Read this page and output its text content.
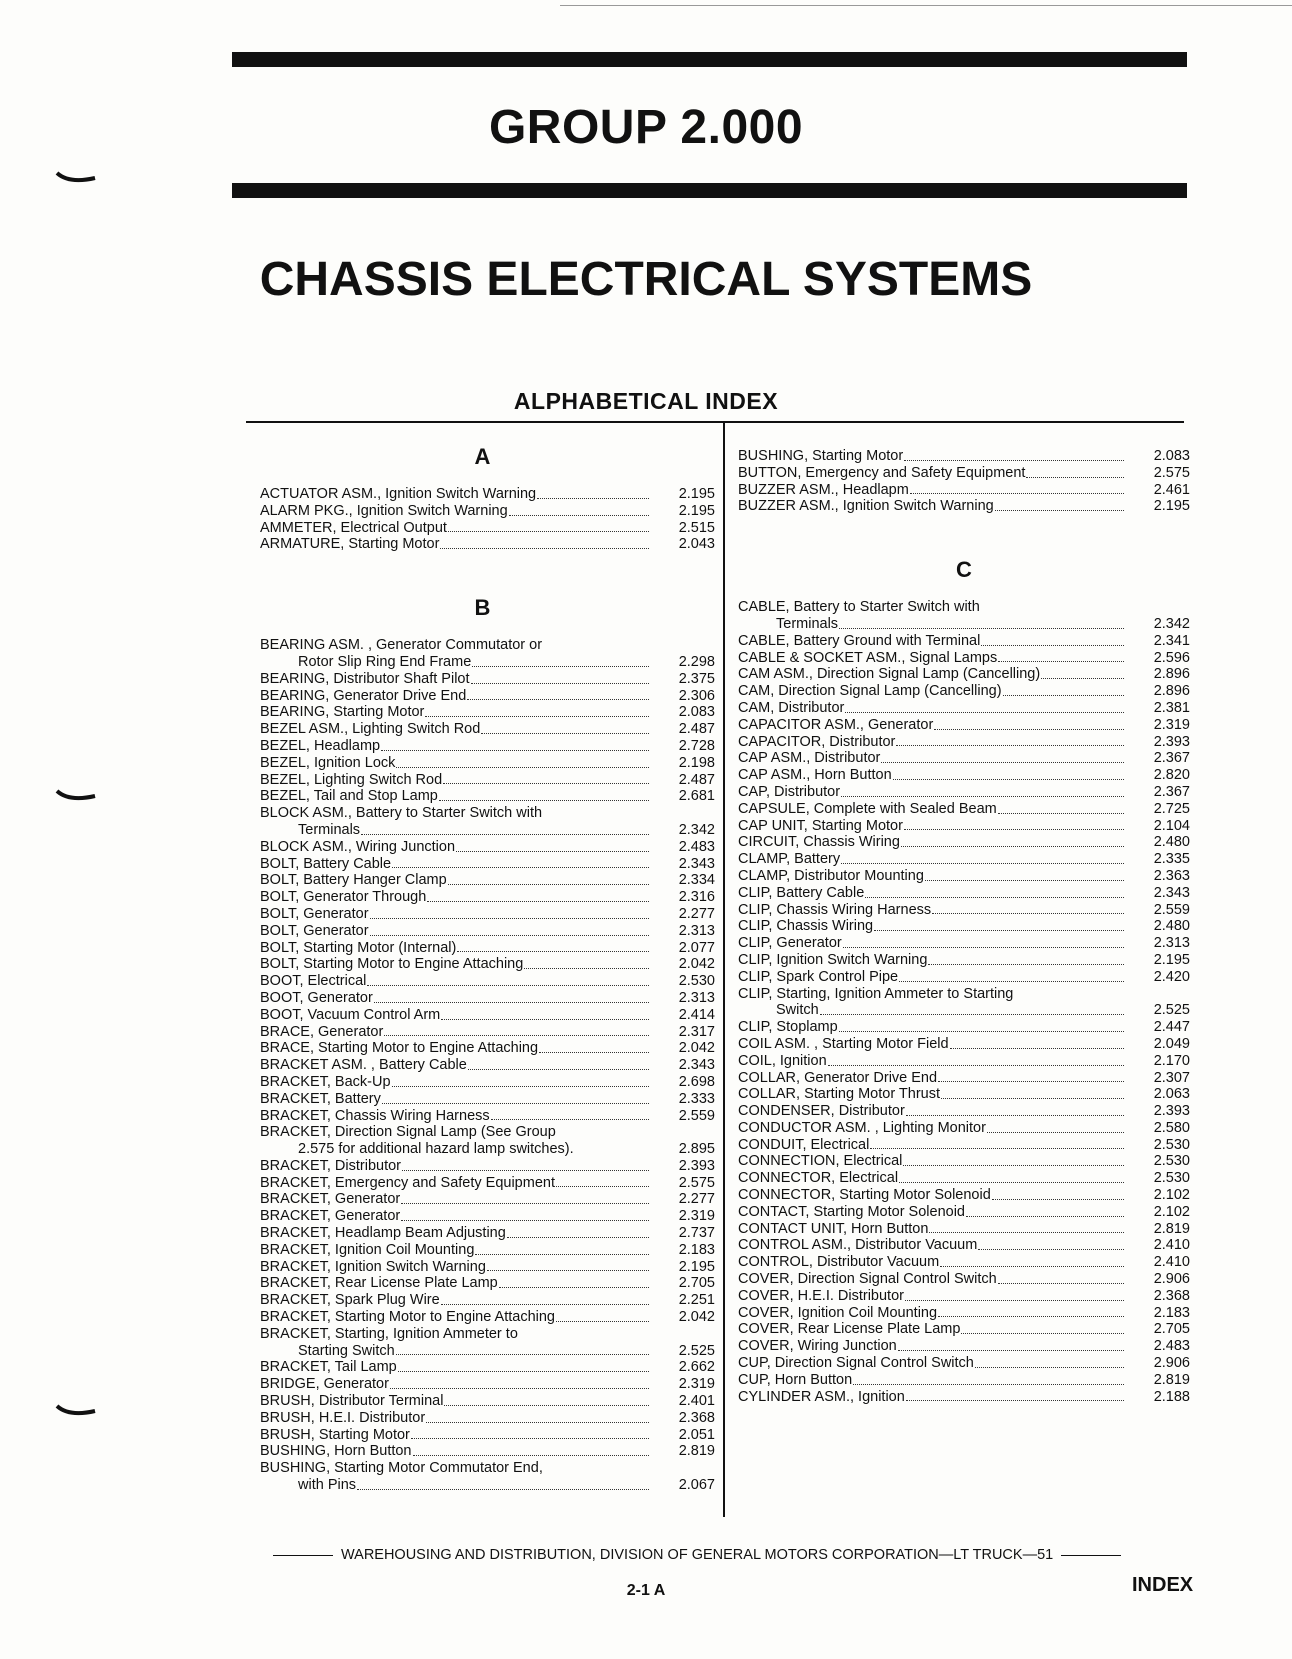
GROUP 2.000
CHASSIS ELECTRICAL SYSTEMS
ALPHABETICAL INDEX
A
ACTUATOR ASM., Ignition Switch Warning	2.195
ALARM PKG., Ignition Switch Warning	2.195
AMMETER, Electrical Output	2.515
ARMATURE, Starting Motor	2.043
B
BEARING ASM. , Generator Commutator or
Rotor Slip Ring End Frame	2.298
BEARING, Distributor Shaft Pilot	2.375
BEARING, Generator Drive End	2.306
BEARING, Starting Motor	2.083
BEZEL ASM., Lighting Switch Rod	2.487
BEZEL, Headlamp	2.728
BEZEL, Ignition Lock	2.198
BEZEL, Lighting Switch Rod	2.487
BEZEL, Tail and Stop Lamp	2.681
BLOCK ASM., Battery to Starter Switch with
Terminals	2.342
BLOCK ASM., Wiring Junction	2.483
BOLT, Battery Cable	2.343
BOLT, Battery Hanger Clamp	2.334
BOLT, Generator Through	2.316
BOLT, Generator	2.277
BOLT, Generator	2.313
BOLT, Starting Motor (Internal)	2.077
BOLT, Starting Motor to Engine Attaching	2.042
BOOT, Electrical	2.530
BOOT, Generator	2.313
BOOT, Vacuum Control Arm	2.414
BRACE, Generator	2.317
BRACE, Starting Motor to Engine Attaching	2.042
BRACKET ASM. , Battery Cable	2.343
BRACKET, Back-Up	2.698
BRACKET, Battery	2.333
BRACKET, Chassis Wiring Harness	2.559
BRACKET, Direction Signal Lamp (See Group
2.575 for additional hazard lamp switches).	2.895
BRACKET, Distributor	2.393
BRACKET, Emergency and Safety Equipment	2.575
BRACKET, Generator	2.277
BRACKET, Generator	2.319
BRACKET, Headlamp Beam Adjusting	2.737
BRACKET, Ignition Coil Mounting	2.183
BRACKET, Ignition Switch Warning	2.195
BRACKET, Rear License Plate Lamp	2.705
BRACKET, Spark Plug Wire	2.251
BRACKET, Starting Motor to Engine Attaching	2.042
BRACKET, Starting, Ignition Ammeter to
Starting Switch	2.525
BRACKET, Tail Lamp	2.662
BRIDGE, Generator	2.319
BRUSH, Distributor Terminal	2.401
BRUSH, H.E.I. Distributor	2.368
BRUSH, Starting Motor	2.051
BUSHING, Horn Button	2.819
BUSHING, Starting Motor Commutator End,
with Pins	2.067
BUSHING, Starting Motor	2.083
BUTTON, Emergency and Safety Equipment	2.575
BUZZER ASM., Headlapm	2.461
BUZZER ASM., Ignition Switch Warning	2.195
C
CABLE, Battery to Starter Switch with
Terminals	2.342
CABLE, Battery Ground with Terminal	2.341
CABLE & SOCKET ASM., Signal Lamps	2.596
CAM ASM., Direction Signal Lamp (Cancelling)	2.896
CAM, Direction Signal Lamp (Cancelling)	2.896
CAM, Distributor	2.381
CAPACITOR ASM., Generator	2.319
CAPACITOR, Distributor	2.393
CAP ASM., Distributor	2.367
CAP ASM., Horn Button	2.820
CAP, Distributor	2.367
CAPSULE, Complete with Sealed Beam	2.725
CAP UNIT, Starting Motor	2.104
CIRCUIT, Chassis Wiring	2.480
CLAMP, Battery	2.335
CLAMP, Distributor Mounting	2.363
CLIP, Battery Cable	2.343
CLIP, Chassis Wiring Harness	2.559
CLIP, Chassis Wiring	2.480
CLIP, Generator	2.313
CLIP, Ignition Switch Warning	2.195
CLIP, Spark Control Pipe	2.420
CLIP, Starting, Ignition Ammeter to Starting
Switch	2.525
CLIP, Stoplamp	2.447
COIL ASM. , Starting Motor Field	2.049
COIL, Ignition	2.170
COLLAR, Generator Drive End	2.307
COLLAR, Starting Motor Thrust	2.063
CONDENSER, Distributor	2.393
CONDUCTOR ASM. , Lighting Monitor	2.580
CONDUIT, Electrical	2.530
CONNECTION, Electrical	2.530
CONNECTOR, Electrical	2.530
CONNECTOR, Starting Motor Solenoid	2.102
CONTACT, Starting Motor Solenoid	2.102
CONTACT UNIT, Horn Button	2.819
CONTROL ASM., Distributor Vacuum	2.410
CONTROL, Distributor Vacuum	2.410
COVER, Direction Signal Control Switch	2.906
COVER, H.E.I. Distributor	2.368
COVER, Ignition Coil Mounting	2.183
COVER, Rear License Plate Lamp	2.705
COVER, Wiring Junction	2.483
CUP, Direction Signal Control Switch	2.906
CUP, Horn Button	2.819
CYLINDER ASM., Ignition	2.188
WAREHOUSING AND DISTRIBUTION, DIVISION OF GENERAL MOTORS CORPORATION—LT TRUCK—51
2-1 A	INDEX
